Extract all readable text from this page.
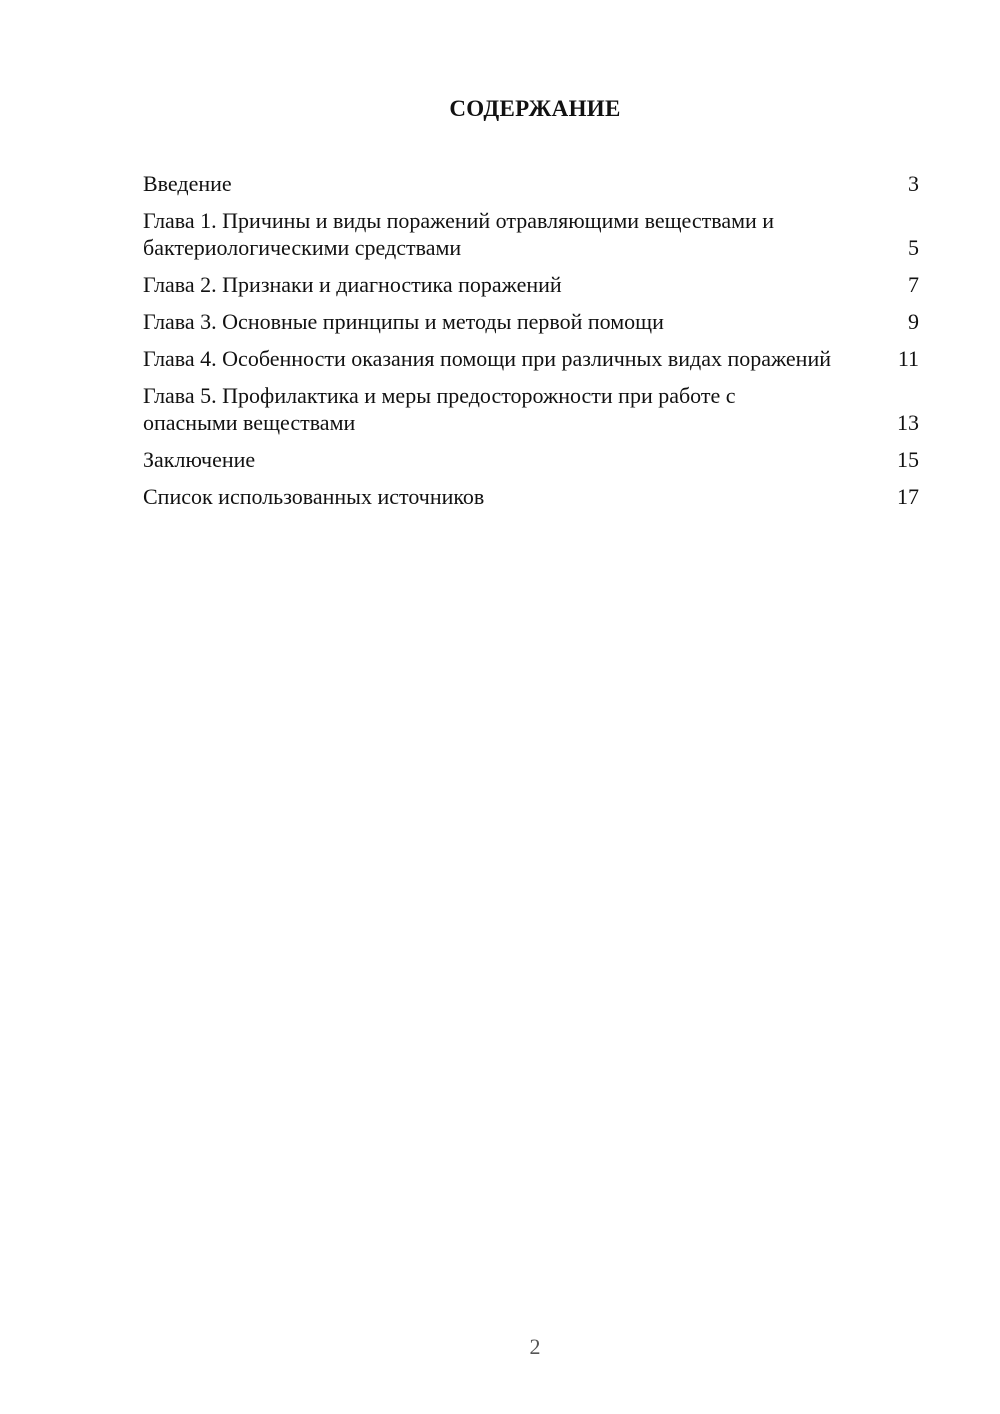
СОДЕРЖАНИЕ
Введение	3
Глава 1. Причины и виды поражений отравляющими веществами и бактериологическими средствами	5
Глава 2. Признаки и диагностика поражений	7
Глава 3. Основные принципы и методы первой помощи	9
Глава 4. Особенности оказания помощи при различных видах поражений	11
Глава 5. Профилактика и меры предосторожности при работе с опасными веществами	13
Заключение	15
Список использованных источников	17
2
